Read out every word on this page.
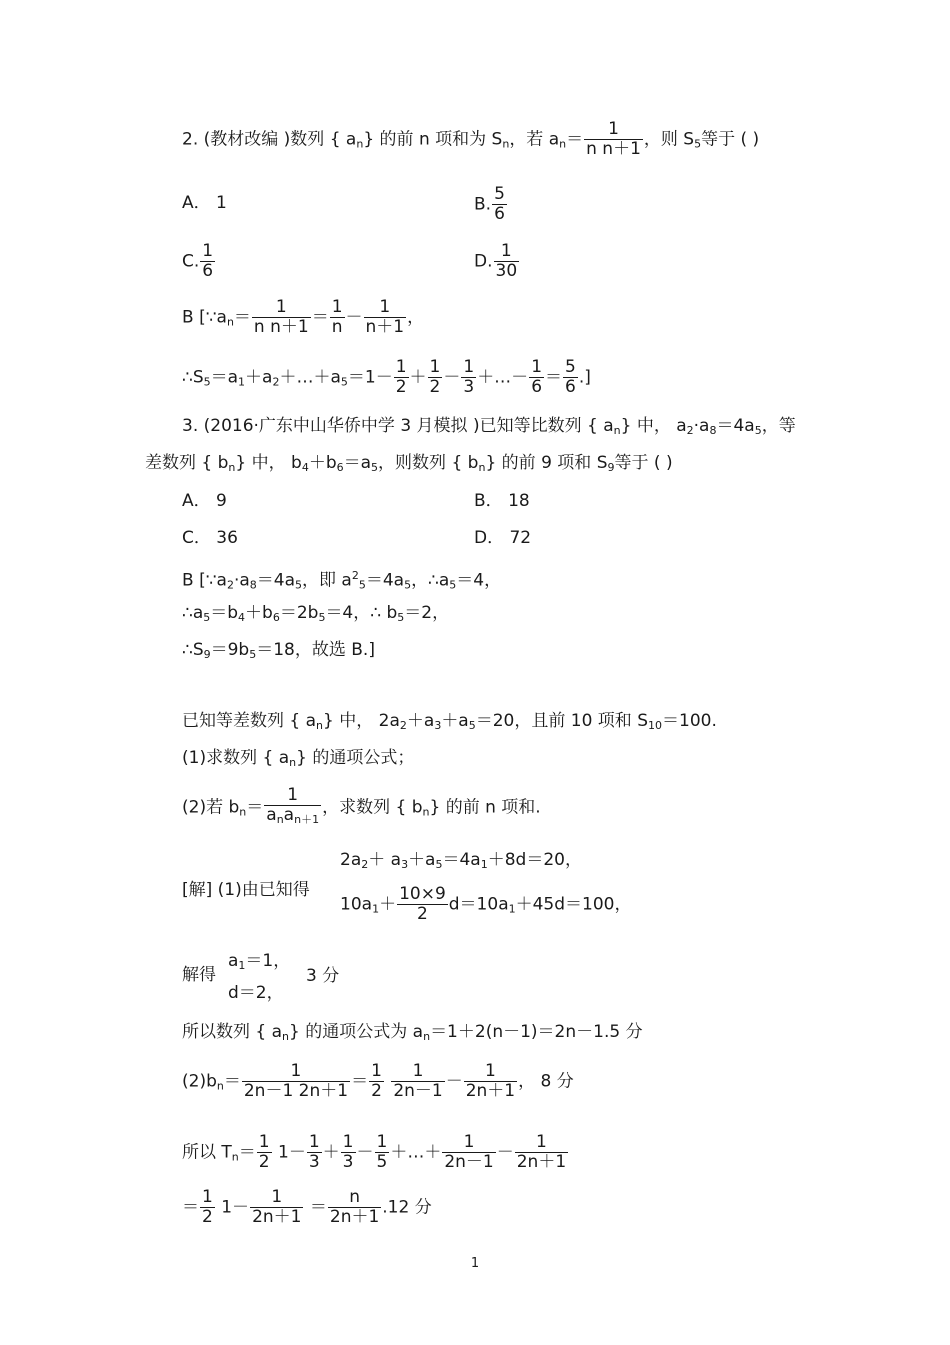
2. (教材改编 )数列 { $a_n$} 的前 n 项和为 $S_n$，若 $a_n= \frac{1}{\text{n n＋1}}$ ，则 $S_5$等于 ( )
A． 1	B. $\frac{5}{6}$
C. $\frac{1}{6}$	D. $\frac{1}{30}$
B [$\because a_n= \frac{1}{\text{n n＋1}} = \frac{1}{n} - \frac{1}{n+1}$ ，
$\therefore S_5=a_1+a_2+\dots+a_5=1- \frac{1}{2} + \frac{1}{2} - \frac{1}{3}$ ＋…－ $\frac{1}{6} = \frac{5}{6}$ .]
3. (2016·广东中山华侨中学 3 月模拟 )已知等比数列 { $a_n$} 中， $a_2\cdot a_8=4a_5$，等
差数列 { $b_n$} 中， $b_4+b_6=a_5$，则数列 { $b_n$} 的前 9 项和 $S_9$等于 ( )
A． 9	B． 18
C． 36	D． 72
B [$\because a_2\cdot a_8=4a_5$，即 $a^2_5=4a_5$，$\therefore a_5=4$，
$\therefore a_5=b_4+b_6=2b_5=4$，∴ $b_5=2$，
$\therefore S_9=9b_5=18$，故选 B.]
已知等差数列 { $a_n$} 中， $2a_2+a_3+a_5=20$，且前 10 项和 $S_{10}=100$.
(1)求数列 { $a_n$} 的通项公式；
(2)若 $b_n= \frac{1}{a_na_{n+1}}$ ，求数列 { $b_n$} 的前 n 项和.
$2a_2+ a_3+a_5=4a_1+8d=20$，
[解] (1)由已知得
$10a_1+ \frac{10\times 9}{2} d=10a_1+45d=100$，
解得
$a_1=1$，
d＝2，
3 分
所以数列 { $a_n$} 的通项公式为 $a_n=1+2(n-1)=2n-1.5$ 分
$(2)b_n= \frac{1}{2n-1 2n+1} = \frac{1}{2}$
$\frac{1}{2n-1} - \frac{1}{2n+1}$ ， 8 分
所以 $T_n= \frac{1}{2} 1- \frac{1}{3} + \frac{1}{3} - \frac{1}{5}$ ＋…＋ $\frac{1}{2n-1} - \frac{1}{2n+1}$
＝ $\frac{1}{2} 1- \frac{1}{2n+1} = \frac{n}{2n+1} .12$ 分
1
